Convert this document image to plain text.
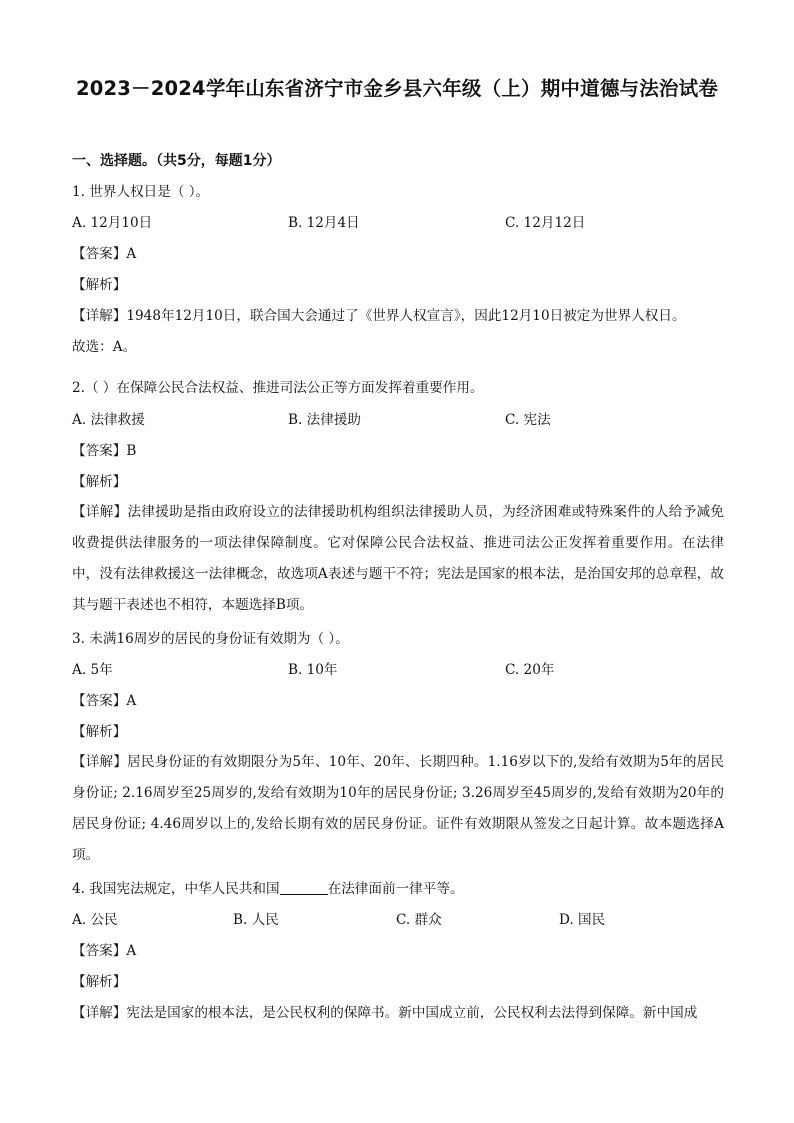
2023－2024学年山东省济宁市金乡县六年级（上）期中道德与法治试卷
一、选择题。（共5分，每题1分）
1. 世界人权日是（ ）。
A. 12月10日	B. 12月4日	C. 12月12日
【答案】A
【解析】
【详解】1948年12月10日，联合国大会通过了《世界人权宣言》，因此12月10日被定为世界人权日。
故选：A。
2.（ ）在保障公民合法权益、推进司法公正等方面发挥着重要作用。
A. 法律救援	B. 法律援助	C. 宪法
【答案】B
【解析】
【详解】法律援助是指由政府设立的法律援助机构组织法律援助人员，为经济困难或特殊案件的人给予减免收费提供法律服务的一项法律保障制度。它对保障公民合法权益、推进司法公正发挥着重要作用。在法律中，没有法律救援这一法律概念，故选项A表述与题干不符；宪法是国家的根本法，是治国安邦的总章程，故其与题干表述也不相符，本题选择B项。
3. 未满16周岁的居民的身份证有效期为（ ）。
A. 5年	B. 10年	C. 20年
【答案】A
【解析】
【详解】居民身份证的有效期限分为5年、10年、20年、长期四种。1.16岁以下的,发给有效期为5年的居民身份证; 2.16周岁至25周岁的,发给有效期为10年的居民身份证; 3.26周岁至45周岁的,发给有效期为20年的居民身份证; 4.46周岁以上的,发给长期有效的居民身份证。证件有效期限从签发之日起计算。故本题选择A项。
4. 我国宪法规定，中华人民共和国	在法律面前一律平等。
A. 公民	B. 人民	C. 群众	D. 国民
【答案】A
【解析】
【详解】宪法是国家的根本法，是公民权利的保障书。新中国成立前，公民权利去法得到保障。新中国成
